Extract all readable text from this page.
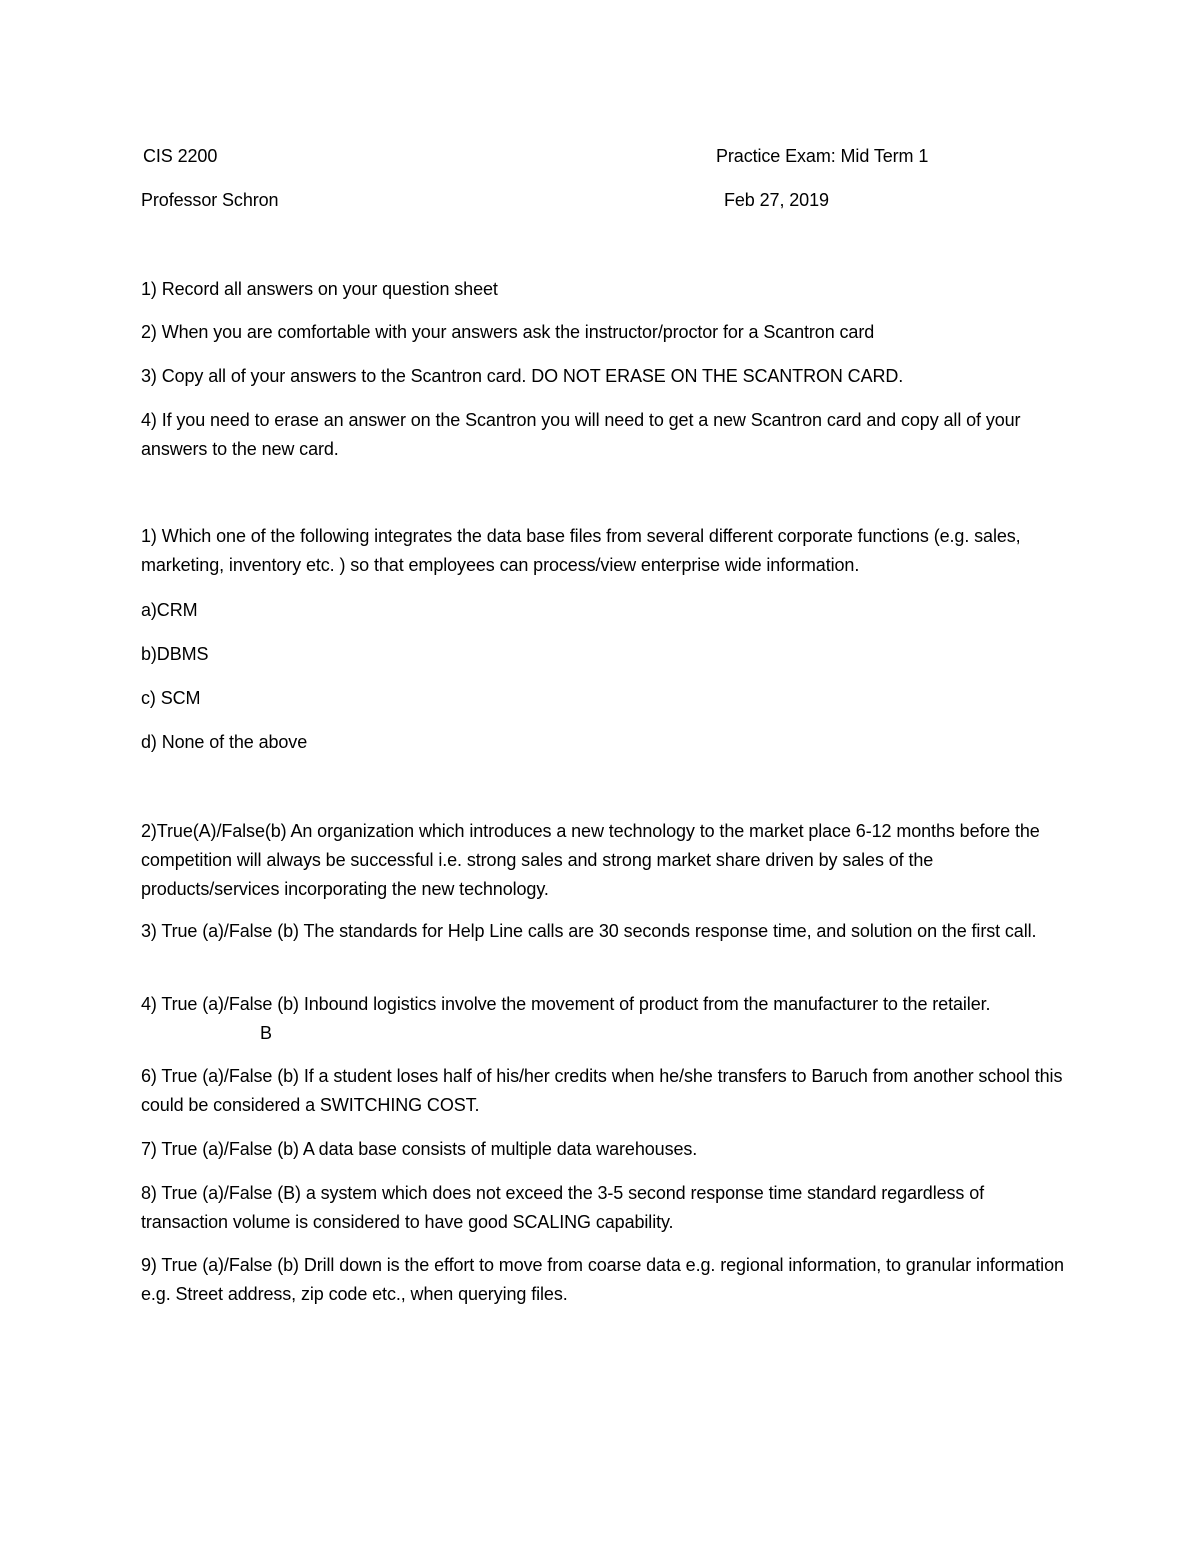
CIS 2200	Practice Exam: Mid Term 1
Professor Schron	Feb 27, 2019
1) Record all answers on your question sheet
2) When you are comfortable with your answers ask the instructor/proctor for a Scantron card
3) Copy all of your answers to the Scantron card. DO NOT ERASE ON THE SCANTRON CARD.
4) If you need to erase an answer on the Scantron you will need to get a new Scantron card and copy all of your answers to the new card.
1) Which one of the following integrates the data base files from several different corporate functions (e.g. sales, marketing, inventory etc. ) so that employees can process/view enterprise wide information.
a)CRM
b)DBMS
c) SCM
d) None of the above
2)True(A)/False(b) An organization which introduces a new technology to the market place 6-12 months before the competition will always be successful i.e. strong sales and strong market share driven by sales of the products/services incorporating the new technology.
3) True (a)/False (b) The standards for Help Line calls are 30 seconds response time, and solution on the first call.
4) True (a)/False (b) Inbound logistics involve the movement of product from the manufacturer to the retailer.
B
6) True (a)/False (b) If a student loses half of his/her credits when he/she transfers to Baruch from another school this could be considered a SWITCHING COST.
7) True (a)/False (b) A data base consists of multiple data warehouses.
8) True (a)/False (B) a system which does not exceed the 3-5 second response time standard regardless of transaction volume is considered to have good SCALING capability.
9) True (a)/False (b) Drill down is the effort to move from coarse data e.g. regional information, to granular information e.g. Street address, zip code etc., when querying files.
